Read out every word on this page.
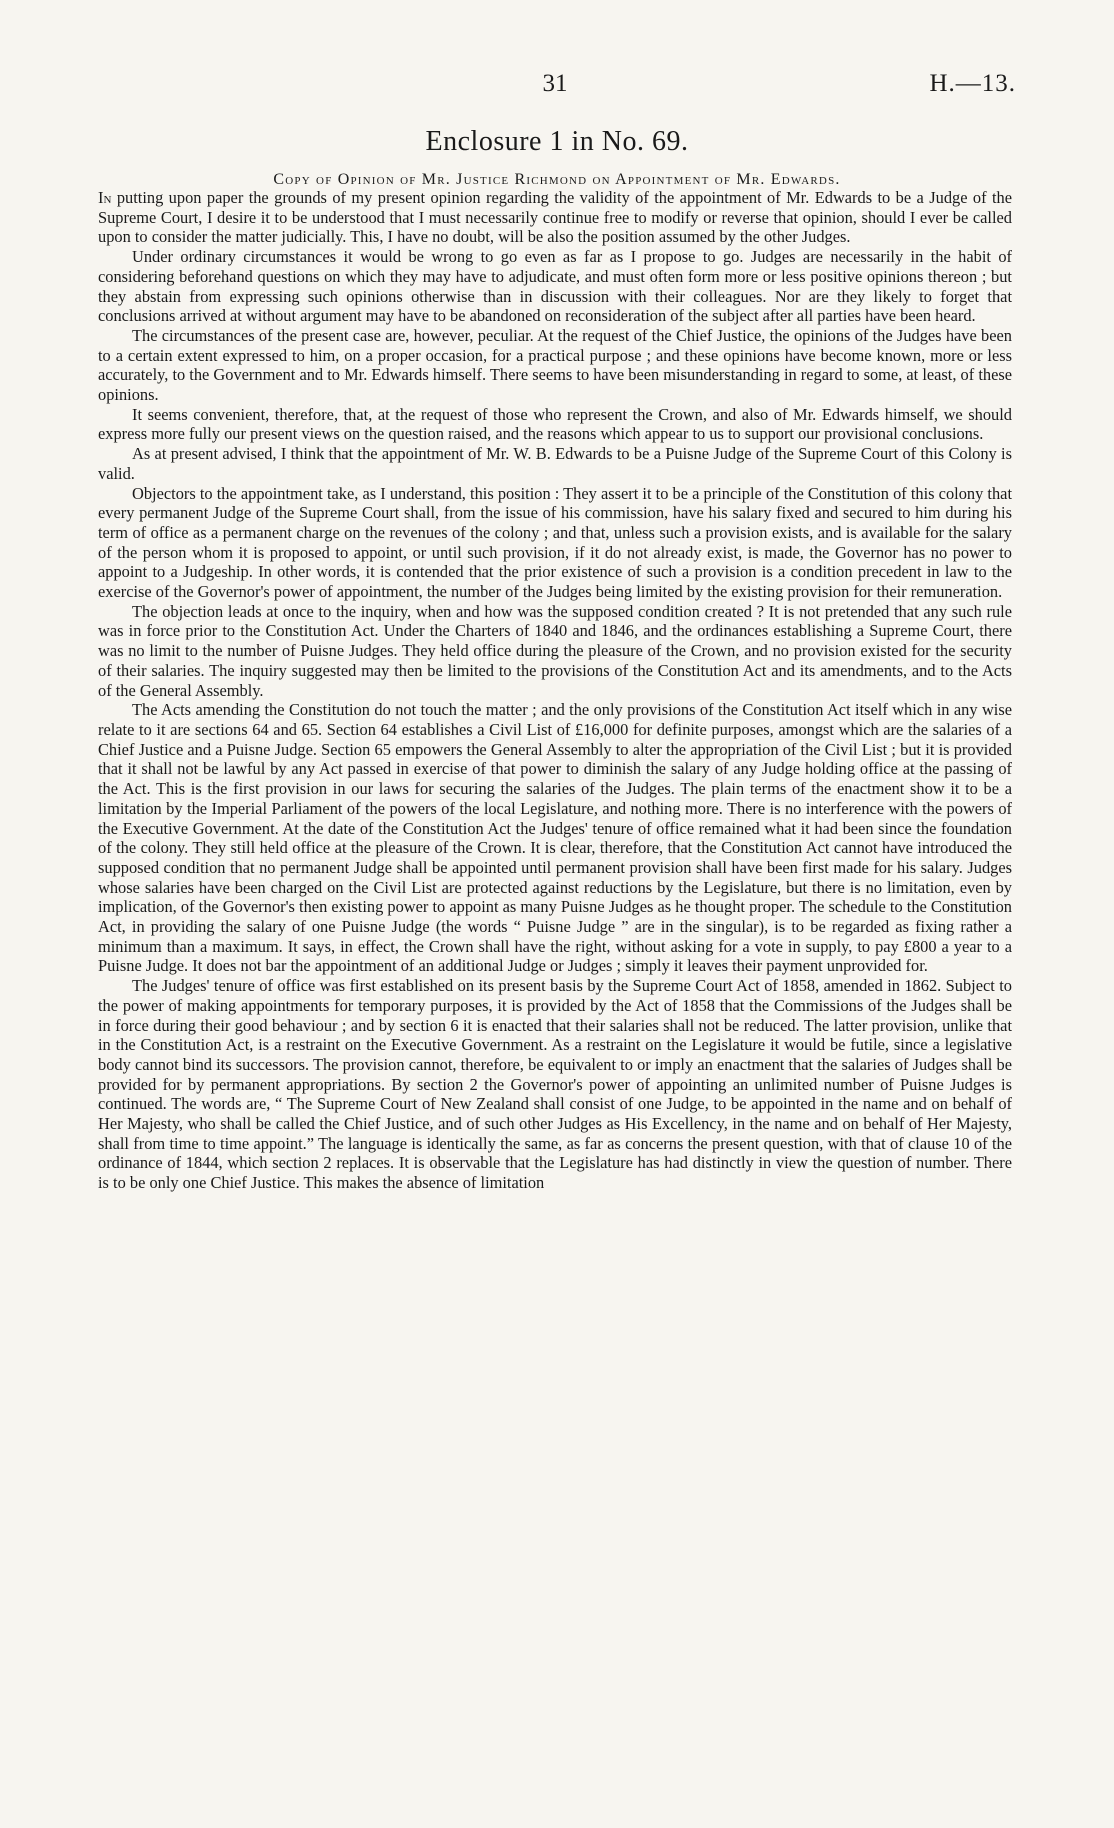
31	H.—13.
Enclosure 1 in No. 69.
Copy of Opinion of Mr. Justice Richmond on Appointment of Mr. Edwards.

In putting upon paper the grounds of my present opinion regarding the validity of the appointment of Mr. Edwards to be a Judge of the Supreme Court, I desire it to be understood that I must necessarily continue free to modify or reverse that opinion, should I ever be called upon to consider the matter judicially. This, I have no doubt, will be also the position assumed by the other Judges.

Under ordinary circumstances it would be wrong to go even as far as I propose to go. Judges are necessarily in the habit of considering beforehand questions on which they may have to adjudicate, and must often form more or less positive opinions thereon ; but they abstain from expressing such opinions otherwise than in discussion with their colleagues. Nor are they likely to forget that conclusions arrived at without argument may have to be abandoned on reconsideration of the subject after all parties have been heard.

The circumstances of the present case are, however, peculiar. At the request of the Chief Justice, the opinions of the Judges have been to a certain extent expressed to him, on a proper occasion, for a practical purpose ; and these opinions have become known, more or less accurately, to the Government and to Mr. Edwards himself. There seems to have been misunderstanding in regard to some, at least, of these opinions.

It seems convenient, therefore, that, at the request of those who represent the Crown, and also of Mr. Edwards himself, we should express more fully our present views on the question raised, and the reasons which appear to us to support our provisional conclusions.

As at present advised, I think that the appointment of Mr. W. B. Edwards to be a Puisne Judge of the Supreme Court of this Colony is valid.

Objectors to the appointment take, as I understand, this position : They assert it to be a principle of the Constitution of this colony that every permanent Judge of the Supreme Court shall, from the issue of his commission, have his salary fixed and secured to him during his term of office as a permanent charge on the revenues of the colony ; and that, unless such a provision exists, and is available for the salary of the person whom it is proposed to appoint, or until such provision, if it do not already exist, is made, the Governor has no power to appoint to a Judgeship. In other words, it is contended that the prior existence of such a provision is a condition precedent in law to the exercise of the Governor's power of appointment, the number of the Judges being limited by the existing provision for their remuneration.

The objection leads at once to the inquiry, when and how was the supposed condition created ? It is not pretended that any such rule was in force prior to the Constitution Act. Under the Charters of 1840 and 1846, and the ordinances establishing a Supreme Court, there was no limit to the number of Puisne Judges. They held office during the pleasure of the Crown, and no provision existed for the security of their salaries. The inquiry suggested may then be limited to the provisions of the Constitution Act and its amendments, and to the Acts of the General Assembly.

The Acts amending the Constitution do not touch the matter ; and the only provisions of the Constitution Act itself which in any wise relate to it are sections 64 and 65. Section 64 establishes a Civil List of £16,000 for definite purposes, amongst which are the salaries of a Chief Justice and a Puisne Judge. Section 65 empowers the General Assembly to alter the appropriation of the Civil List ; but it is provided that it shall not be lawful by any Act passed in exercise of that power to diminish the salary of any Judge holding office at the passing of the Act. This is the first provision in our laws for securing the salaries of the Judges. The plain terms of the enactment show it to be a limitation by the Imperial Parliament of the powers of the local Legislature, and nothing more. There is no interference with the powers of the Executive Government. At the date of the Constitution Act the Judges' tenure of office remained what it had been since the foundation of the colony. They still held office at the pleasure of the Crown. It is clear, therefore, that the Constitution Act cannot have introduced the supposed condition that no permanent Judge shall be appointed until permanent provision shall have been first made for his salary. Judges whose salaries have been charged on the Civil List are protected against reductions by the Legislature, but there is no limitation, even by implication, of the Governor's then existing power to appoint as many Puisne Judges as he thought proper. The schedule to the Constitution Act, in providing the salary of one Puisne Judge (the words “ Puisne Judge ” are in the singular), is to be regarded as fixing rather a minimum than a maximum. It says, in effect, the Crown shall have the right, without asking for a vote in supply, to pay £800 a year to a Puisne Judge. It does not bar the appointment of an additional Judge or Judges ; simply it leaves their payment unprovided for.

The Judges' tenure of office was first established on its present basis by the Supreme Court Act of 1858, amended in 1862. Subject to the power of making appointments for temporary purposes, it is provided by the Act of 1858 that the Commissions of the Judges shall be in force during their good behaviour ; and by section 6 it is enacted that their salaries shall not be reduced. The latter provision, unlike that in the Constitution Act, is a restraint on the Executive Government. As a restraint on the Legislature it would be futile, since a legislative body cannot bind its successors. The provision cannot, therefore, be equivalent to or imply an enactment that the salaries of Judges shall be provided for by permanent appropriations. By section 2 the Governor's power of appointing an unlimited number of Puisne Judges is continued. The words are, “ The Supreme Court of New Zealand shall consist of one Judge, to be appointed in the name and on behalf of Her Majesty, who shall be called the Chief Justice, and of such other Judges as His Excellency, in the name and on behalf of Her Majesty, shall from time to time appoint.” The language is identically the same, as far as concerns the present question, with that of clause 10 of the ordinance of 1844, which section 2 replaces. It is observable that the Legislature has had distinctly in view the question of number. There is to be only one Chief Justice. This makes the absence of limitation
